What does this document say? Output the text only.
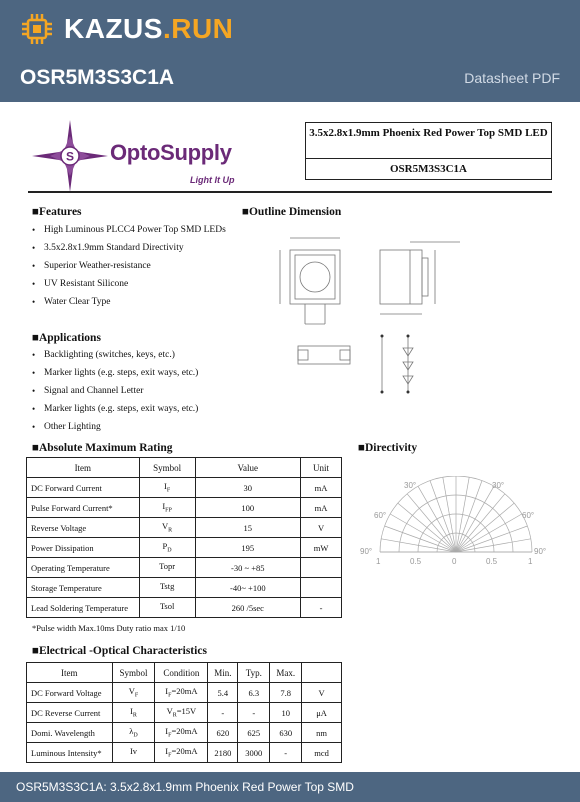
KAZUS.RUN
OSR5M3S3C1A	Datasheet PDF
S OptoSupply
Light It Up
3.5x2.8x1.9mm Phoenix Red Power Top SMD LED
OSR5M3S3C1A
■Features
• High Luminous PLCC4 Power Top SMD LEDs
• 3.5x2.8x1.9mm Standard Directivity
• Superior Weather-resistance
• UV Resistant Silicone
• Water Clear Type
■Outline Dimension
■Applications
• Backlighting (switches, keys, etc.)
• Marker lights (e.g. steps, exit ways, etc.)
• Signal and Channel Letter
• Marker lights (e.g. steps, exit ways, etc.)
• Other Lighting
■Absolute Maximum Rating
Item	Symbol	Value	Unit
DC Forward Current	$I_F$	30	mA
Pulse Forward Current*	$I_{FP}$	100	mA
Reverse Voltage	$V_R$	15	V
Power Dissipation	$P_D$	195	mW
Operating Temperature	Topr	-30 ~ +85	
Storage Temperature	Tstg	-40~ +100	
Lead Soldering Temperature	Tsol	260 /5sec	-
*Pulse width Max.10ms Duty ratio max 1/10
■Directivity
30°	30°
60°	60°
90°	90°
1	0.5	0	0.5	1
■Electrical -Optical Characteristics
Item	Symbol	Condition	Min.	Typ.	Max.	
DC Forward Voltage	$V_F$	$I_F=20mA$	5.4	6.3	7.8	V
DC Reverse Current	$I_R$	$V_R=15V$	-	-	10	μA
Domi. Wavelength	$\lambda_D$	$I_F=20mA$	620	625	630	nm
Luminous Intensity*	Iv	$I_F=20mA$	2180	3000	-	mcd
OSR5M3S3C1A: 3.5x2.8x1.9mm Phoenix Red Power Top SMD
